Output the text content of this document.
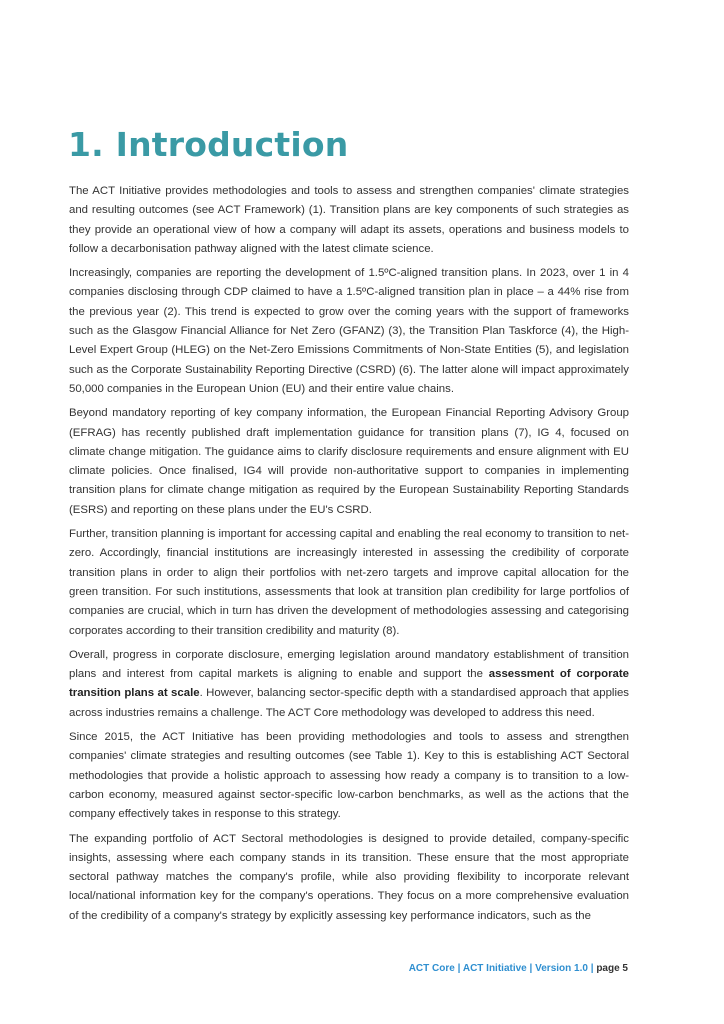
1. Introduction

The ACT Initiative provides methodologies and tools to assess and strengthen companies' climate strategies and resulting outcomes (see ACT Framework) (1). Transition plans are key components of such strategies as they provide an operational view of how a company will adapt its assets, operations and business models to follow a decarbonisation pathway aligned with the latest climate science.

Increasingly, companies are reporting the development of 1.5ºC-aligned transition plans. In 2023, over 1 in 4 companies disclosing through CDP claimed to have a 1.5ºC-aligned transition plan in place – a 44% rise from the previous year (2). This trend is expected to grow over the coming years with the support of frameworks such as the Glasgow Financial Alliance for Net Zero (GFANZ) (3), the Transition Plan Taskforce (4), the High-Level Expert Group (HLEG) on the Net-Zero Emissions Commitments of Non-State Entities (5), and legislation such as the Corporate Sustainability Reporting Directive (CSRD) (6). The latter alone will impact approximately 50,000 companies in the European Union (EU) and their entire value chains.

Beyond mandatory reporting of key company information, the European Financial Reporting Advisory Group (EFRAG) has recently published draft implementation guidance for transition plans (7), IG 4, focused on climate change mitigation. The guidance aims to clarify disclosure requirements and ensure alignment with EU climate policies. Once finalised, IG4 will provide non-authoritative support to companies in implementing transition plans for climate change mitigation as required by the European Sustainability Reporting Standards (ESRS) and reporting on these plans under the EU's CSRD.

Further, transition planning is important for accessing capital and enabling the real economy to transition to net-zero. Accordingly, financial institutions are increasingly interested in assessing the credibility of corporate transition plans in order to align their portfolios with net-zero targets and improve capital allocation for the green transition. For such institutions, assessments that look at transition plan credibility for large portfolios of companies are crucial, which in turn has driven the development of methodologies assessing and categorising corporates according to their transition credibility and maturity (8).

Overall, progress in corporate disclosure, emerging legislation around mandatory establishment of transition plans and interest from capital markets is aligning to enable and support the assessment of corporate transition plans at scale. However, balancing sector-specific depth with a standardised approach that applies across industries remains a challenge. The ACT Core methodology was developed to address this need.

Since 2015, the ACT Initiative has been providing methodologies and tools to assess and strengthen companies' climate strategies and resulting outcomes (see Table 1). Key to this is establishing ACT Sectoral methodologies that provide a holistic approach to assessing how ready a company is to transition to a low-carbon economy, measured against sector-specific low-carbon benchmarks, as well as the actions that the company effectively takes in response to this strategy.

The expanding portfolio of ACT Sectoral methodologies is designed to provide detailed, company-specific insights, assessing where each company stands in its transition. These ensure that the most appropriate sectoral pathway matches the company's profile, while also providing flexibility to incorporate relevant local/national information key for the company's operations. They focus on a more comprehensive evaluation of the credibility of a company's strategy by explicitly assessing key performance indicators, such as the

ACT Core | ACT Initiative | Version 1.0 | page 5
